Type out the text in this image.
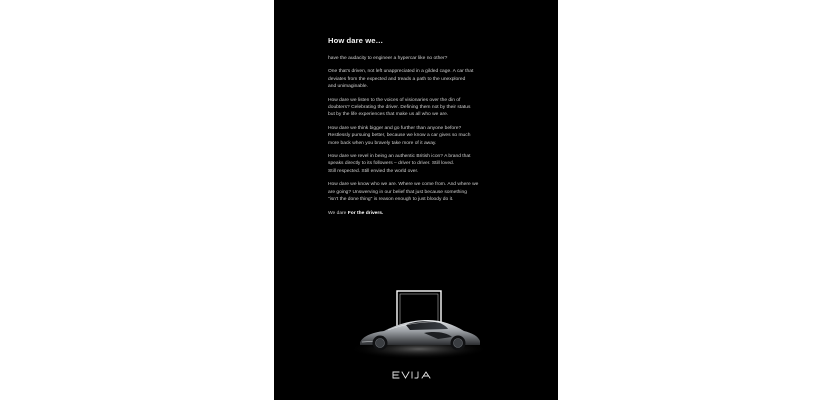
How dare we…
have the audacity to engineer a hypercar like no other?
One that's driven, not left unappreciated in a gilded cage. A car that
deviates from the expected and treads a path to the unexplored
and unimaginable.
How dare we listen to the voices of visionaries over the din of
doubters? Celebrating the driver. Defining them not by their status
but by the life experiences that make us all who we are.
How dare we think bigger and go further than anyone before?
Restlessly pursuing better, because we know a car gives so much
more back when you bravely take more of it away.
How dare we revel in being an authentic British icon? A brand that
speaks directly to its followers – driver to driver. Still loved.
Still respected. Still envied the world over.
How dare we know who we are. Where we come from. And where we
are going? Unswerving in our belief that just because something
"isn't the done thing" is reason enough to just bloody do it.
We dare For the drivers.
